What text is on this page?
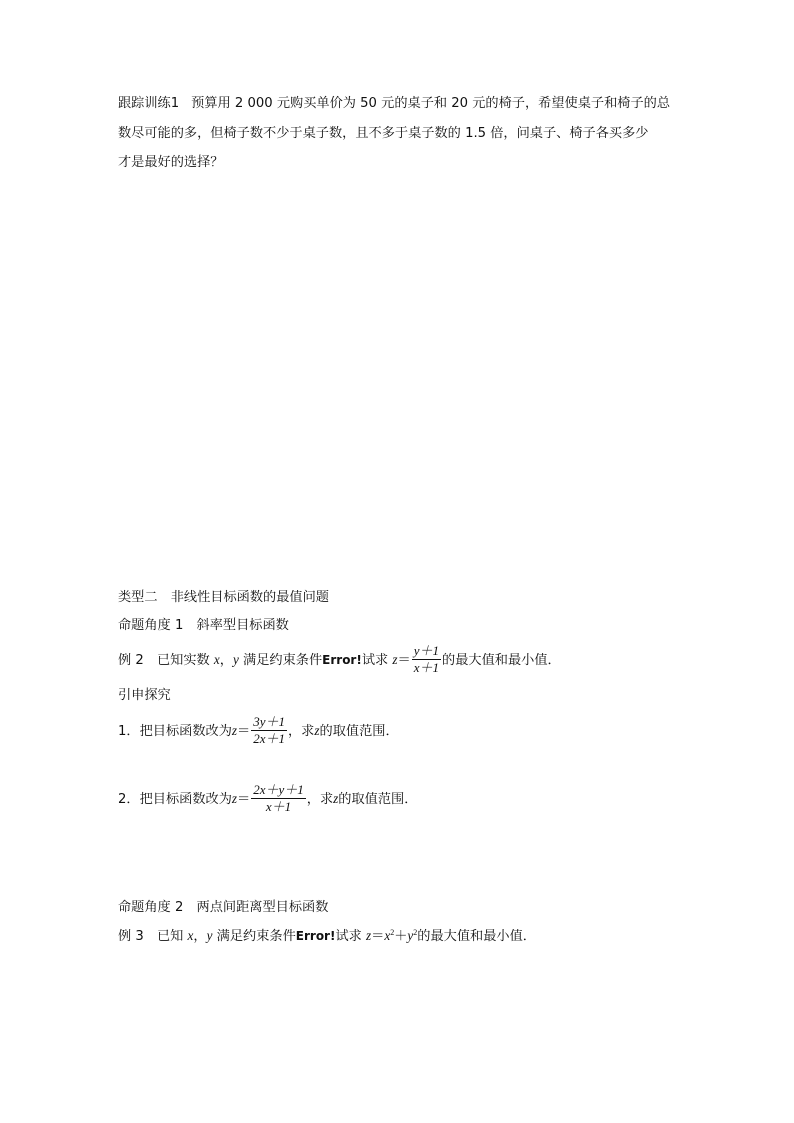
跟踪训练1 预算用 2 000 元购买单价为 50 元的桌子和 20 元的椅子，希望使桌子和椅子的总
数尽可能的多，但椅子数不少于桌子数，且不多于桌子数的 1.5 倍，问桌子、椅子各买多少
才是最好的选择？
类型二　非线性目标函数的最值问题
命题角度 1　斜率型目标函数
例 2　已知实数 x，y 满足约束条件Error!试求 $z= \frac{y+1}{x+1}$ 的最大值和最小值．
引申探究
1．把目标函数改为$z= \frac{3y+1}{2x+1}$ ，求z的取值范围．
2．把目标函数改为$z= \frac{2x+y+1}{x+1}$ ，求z的取值范围．
命题角度 2　两点间距离型目标函数
例 3　已知 x，y 满足约束条件Error!试求 $z=x^2+y^2$的最大值和最小值．
